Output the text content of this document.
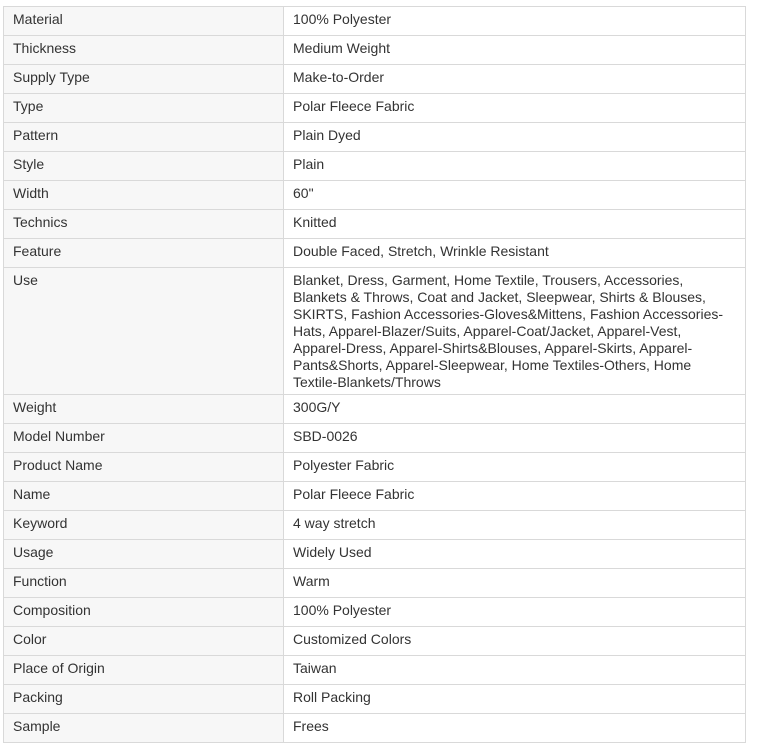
Material	100% Polyester
Thickness	Medium Weight
Supply Type	Make-to-Order
Type	Polar Fleece Fabric
Pattern	Plain Dyed
Style	Plain
Width	60"
Technics	Knitted
Feature	Double Faced, Stretch, Wrinkle Resistant
Use	Blanket, Dress, Garment, Home Textile, Trousers, Accessories, Blankets & Throws, Coat and Jacket, Sleepwear, Shirts & Blouses, SKIRTS, Fashion Accessories-Gloves&Mittens, Fashion Accessories-Hats, Apparel-Blazer/Suits, Apparel-Coat/Jacket, Apparel-Vest, Apparel-Dress, Apparel-Shirts&Blouses, Apparel-Skirts, Apparel-Pants&Shorts, Apparel-Sleepwear, Home Textiles-Others, Home Textile-Blankets/Throws
Weight	300G/Y
Model Number	SBD-0026
Product Name	Polyester Fabric
Name	Polar Fleece Fabric
Keyword	4 way stretch
Usage	Widely Used
Function	Warm
Composition	100% Polyester
Color	Customized Colors
Place of Origin	Taiwan
Packing	Roll Packing
Sample	Frees
